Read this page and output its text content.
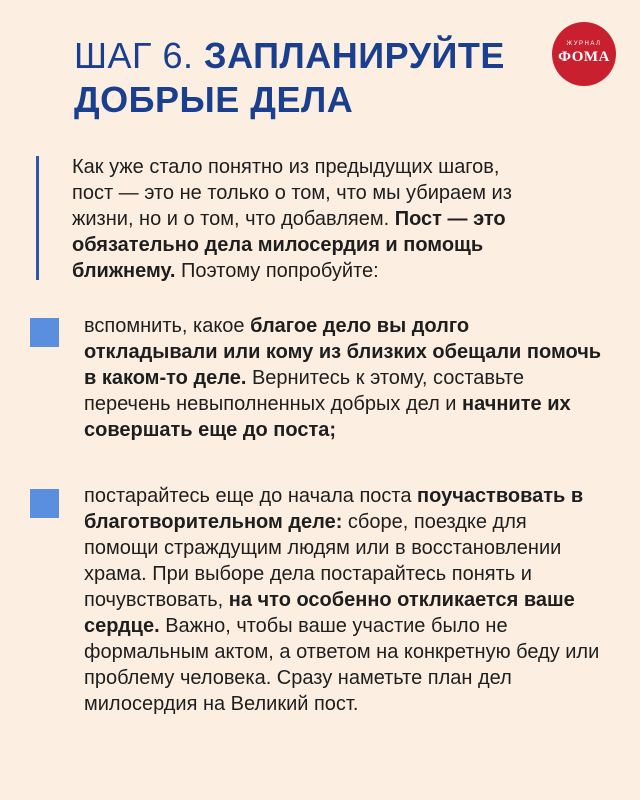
ШАГ 6. ЗАПЛАНИРУЙТЕ
ДОБРЫЕ ДЕЛА
ЖУРНАЛ
ФОМА

Как уже стало понятно из предыдущих шагов, пост — это не только о том, что мы убираем из жизни, но и о том, что добавляем. Пост — это обязательно дела милосердия и помощь ближнему. Поэтому попробуйте:

вспомнить, какое благое дело вы долго откладывали или кому из близких обещали помочь в каком-то деле. Вернитесь к этому, составьте перечень невыполненных добрых дел и начните их совершать еще до поста;

постарайтесь еще до начала поста поучаствовать в благотворительном деле: сборе, поездке для помощи страждущим людям или в восстановлении храма. При выборе дела постарайтесь понять и почувствовать, на что особенно откликается ваше сердце. Важно, чтобы ваше участие было не формальным актом, а ответом на конкретную беду или проблему человека. Сразу наметьте план дел милосердия на Великий пост.
